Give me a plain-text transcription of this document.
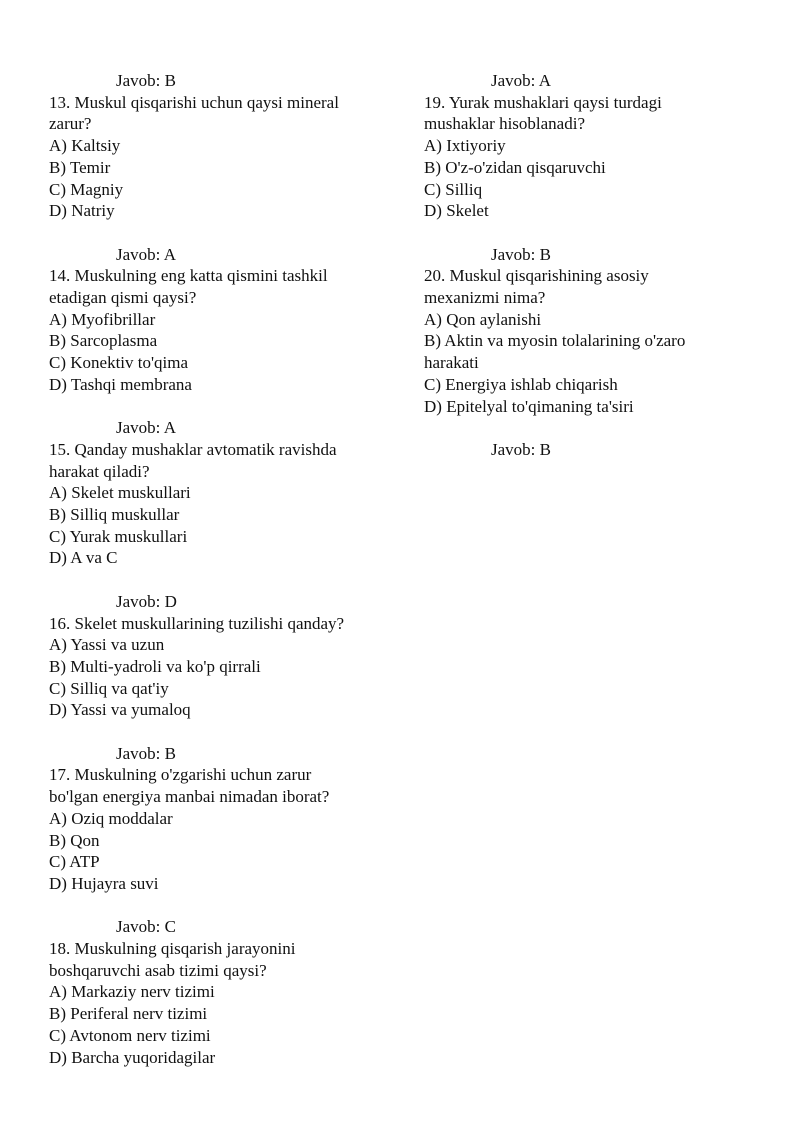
Javob: B
13. Muskul qisqarishi uchun qaysi mineral
zarur?
A) Kaltsiy
B) Temir
C) Magniy
D) Natriy
Javob: A
14. Muskulning eng katta qismini tashkil
etadigan qismi qaysi?
A) Myofibrillar
B) Sarcoplasma
C) Konektiv to'qima
D) Tashqi membrana
Javob: A
15. Qanday mushaklar avtomatik ravishda
harakat qiladi?
A) Skelet muskullari
B) Silliq muskullar
C) Yurak muskullari
D) A va C
Javob: D
16. Skelet muskullarining tuzilishi qanday?
A) Yassi va uzun
B) Multi-yadroli va ko'p qirrali
C) Silliq va qat'iy
D) Yassi va yumaloq
Javob: B
17. Muskulning o'zgarishi uchun zarur
bo'lgan energiya manbai nimadan iborat?
A) Oziq moddalar
B) Qon
C) ATP
D) Hujayra suvi
Javob: C
18. Muskulning qisqarish jarayonini
boshqaruvchi asab tizimi qaysi?
A) Markaziy nerv tizimi
B) Periferal nerv tizimi
C) Avtonom nerv tizimi
D) Barcha yuqoridagilar
Javob: A
19. Yurak mushaklari qaysi turdagi
mushaklar hisoblanadi?
A) Ixtiyoriy
B) O'z-o'zidan qisqaruvchi
C) Silliq
D) Skelet
Javob: B
20. Muskul qisqarishining asosiy
mexanizmi nima?
A) Qon aylanishi
B) Aktin va myosin tolalarining o'zaro
harakati
C) Energiya ishlab chiqarish
D) Epitelyal to'qimaning ta'siri
Javob: B
